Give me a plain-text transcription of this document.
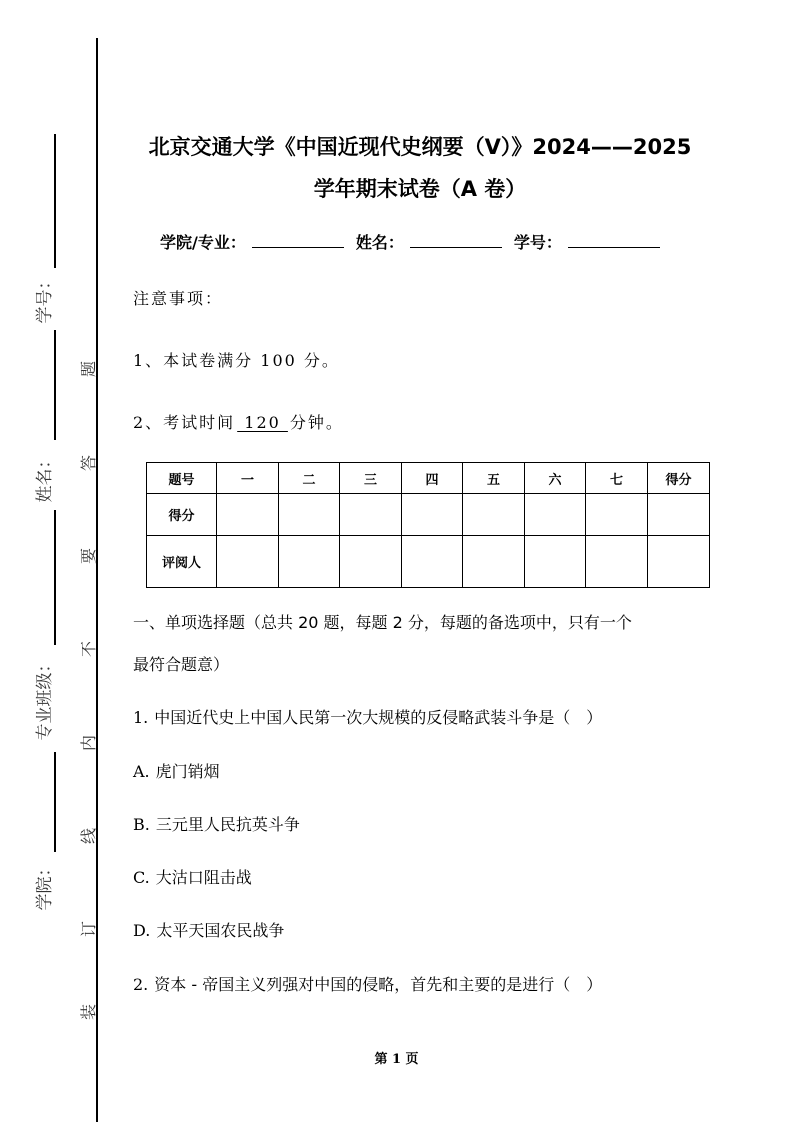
学号：
姓名：
专业班级：
学院：
题
答
要
不
内
线
订
装
北京交通大学《中国近现代史纲要（V）》2024——2025
学年期末试卷（A 卷）
学院/专业：	姓名：	学号：
注意事项：
1、本试卷满分 100 分。
2、考试时间 120 分钟。
题号	一	二	三	四	五	六	七	得分
得分								
评阅人								
一、单项选择题（总共 20 题，每题 2 分，每题的备选项中，只有一个
最符合题意）
1. 中国近代史上中国人民第一次大规模的反侵略武装斗争是（　）
A. 虎门销烟
B. 三元里人民抗英斗争
C. 大沽口阻击战
D. 太平天国农民战争
2. 资本 - 帝国主义列强对中国的侵略，首先和主要的是进行（　）
第 1 页
